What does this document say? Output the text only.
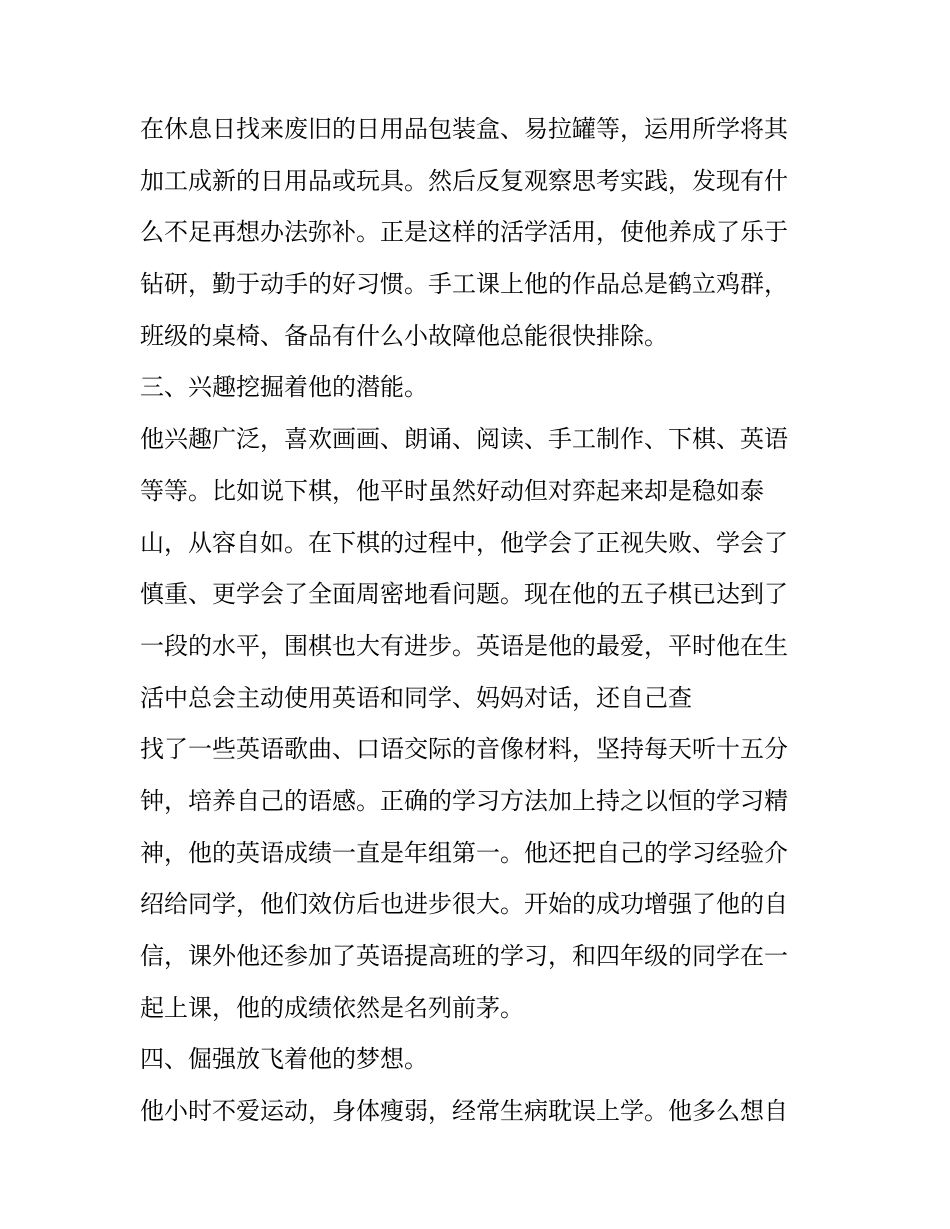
在休息日找来废旧的日用品包装盒、易拉罐等，运用所学将其
加工成新的日用品或玩具。然后反复观察思考实践，发现有什
么不足再想办法弥补。正是这样的活学活用，使他养成了乐于
钻研，勤于动手的好习惯。手工课上他的作品总是鹤立鸡群，
班级的桌椅、备品有什么小故障他总能很快排除。
三、兴趣挖掘着他的潜能。
他兴趣广泛，喜欢画画、朗诵、阅读、手工制作、下棋、英语
等等。比如说下棋，他平时虽然好动但对弈起来却是稳如泰
山，从容自如。在下棋的过程中，他学会了正视失败、学会了
慎重、更学会了全面周密地看问题。现在他的五子棋已达到了
一段的水平，围棋也大有进步。英语是他的最爱，平时他在生
活中总会主动使用英语和同学、妈妈对话，还自己查
找了一些英语歌曲、口语交际的音像材料，坚持每天听十五分
钟，培养自己的语感。正确的学习方法加上持之以恒的学习精
神，他的英语成绩一直是年组第一。他还把自己的学习经验介
绍给同学，他们效仿后也进步很大。开始的成功增强了他的自
信，课外他还参加了英语提高班的学习，和四年级的同学在一
起上课，他的成绩依然是名列前茅。
四、倔强放飞着他的梦想。
他小时不爱运动，身体瘦弱，经常生病耽误上学。他多么想自
